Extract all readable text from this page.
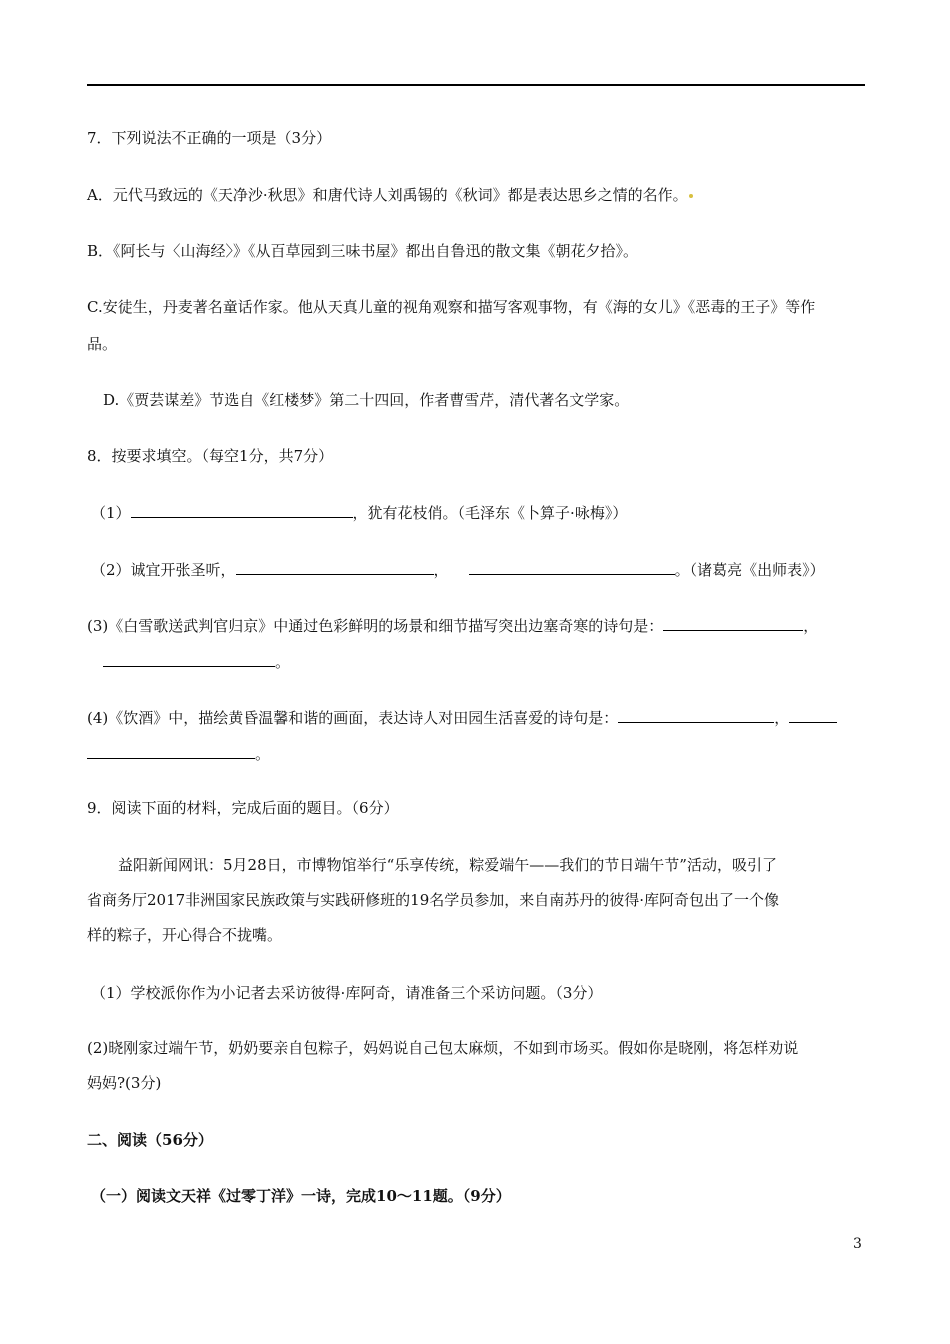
7．下列说法不正确的一项是（3分）
A．元代马致远的《天净沙·秋思》和唐代诗人刘禹锡的《秋词》都是表达思乡之情的名作。
B．《阿长与〈山海经〉》《从百草园到三味书屋》都出自鲁迅的散文集《朝花夕拾》。
C.安徒生，丹麦著名童话作家。他从天真儿童的视角观察和描写客观事物，有《海的女儿》《恶毒的王子》等作
品。
D.《贾芸谋差》节选自《红楼梦》第二十四回，作者曹雪芹，清代著名文学家。
8．按要求填空。（每空1分，共7分）
（1）	，犹有花枝俏。（毛泽东《卜算子·咏梅》）
（2）诚宜开张圣听，	，	。（诸葛亮《出师表》）
(3)《白雪歌送武判官归京》中通过色彩鲜明的场景和细节描写突出边塞奇寒的诗句是：	，
。
(4)《饮酒》中，描绘黄昏温馨和谐的画面，表达诗人对田园生活喜爱的诗句是：	，
。
9．阅读下面的材料，完成后面的题目。（6分）
益阳新闻网讯：5月28日，市博物馆举行“乐享传统，粽爱端午——我们的节日端午节”活动，吸引了
省商务厅2017非洲国家民族政策与实践研修班的19名学员参加，来自南苏丹的彼得·库阿奇包出了一个像
样的粽子，开心得合不拢嘴。
（1）学校派你作为小记者去采访彼得·库阿奇，请准备三个采访问题。（3分）
(2)晓刚家过端午节，奶奶要亲自包粽子，妈妈说自己包太麻烦，不如到市场买。假如你是晓刚，将怎样劝说
妈妈?(3分)
二、阅读（56分）
（一）阅读文天祥《过零丁洋》一诗，完成10～11题。（9分）
3
